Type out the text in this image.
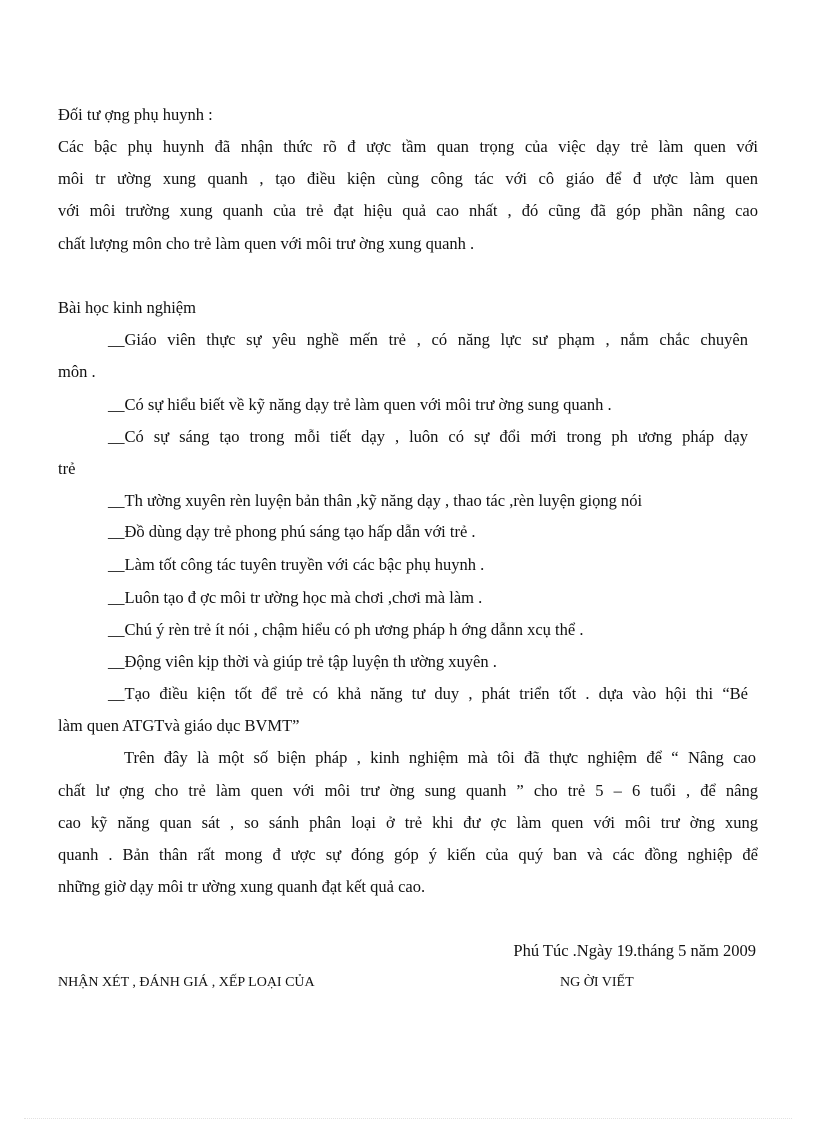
Đối tư ợng phụ huynh :
Các bậc phụ huynh đã nhận thức rõ đ ược tầm quan trọng của việc dạy trẻ làm quen với
môi tr ường xung quanh , tạo điều kiện cùng công tác với cô giáo để đ ược làm quen
với môi trường xung quanh của trẻ đạt hiệu quả cao nhất , đó cũng đã góp phần nâng cao
chất lượng môn cho trẻ làm quen với môi trư ờng xung quanh .
Bài học kinh nghiệm
__Giáo viên thực sự yêu nghề mến trẻ , có năng lực sư phạm , nắm chắc chuyên
môn .
__Có sự hiểu biết về kỹ năng dạy trẻ làm quen với môi trư ờng sung quanh .
__Có sự sáng tạo trong mỗi tiết dạy , luôn có sự đổi mới trong ph ương pháp dạy
trẻ
__Th ường xuyên rèn luyện bản thân ,kỹ năng dạy , thao tác ,rèn luyện giọng nói
__Đồ dùng dạy trẻ phong phú sáng tạo hấp dẫn với trẻ .
__Làm tốt công tác tuyên truyền với các bậc phụ huynh .
__Luôn tạo đ ợc môi tr ường học mà chơi ,chơi mà làm .
__Chú ý rèn trẻ ít nói , chậm hiểu có ph ương pháp h ớng dẫnn xcụ thể .
__Động viên kịp thời và giúp trẻ tập luyện th ường xuyên .
__Tạo điều kiện tốt để trẻ có khả năng tư duy , phát triển tốt . dựa vào hội thi “Bé
làm quen ATGTvà giáo dục BVMT”
Trên đây là một số biện pháp , kinh nghiệm mà tôi đã thực nghiệm để “ Nâng cao
chất lư ợng cho trẻ làm quen với môi trư ờng sung quanh ” cho trẻ 5 – 6 tuổi , để nâng
cao kỹ năng quan sát , so sánh phân loại ở trẻ khi đư ợc làm quen với môi trư ờng xung
quanh . Bản thân rất mong đ ược sự đóng góp ý kiến của quý ban và các đồng nghiệp để
những giờ dạy môi tr ường xung quanh đạt kết quả cao.
Phú Túc .Ngày 19.tháng 5 năm 2009
NHẬN XÉT , ĐÁNH GIÁ , XẾP LOẠI CỦA	NG ỜI VIẾT
